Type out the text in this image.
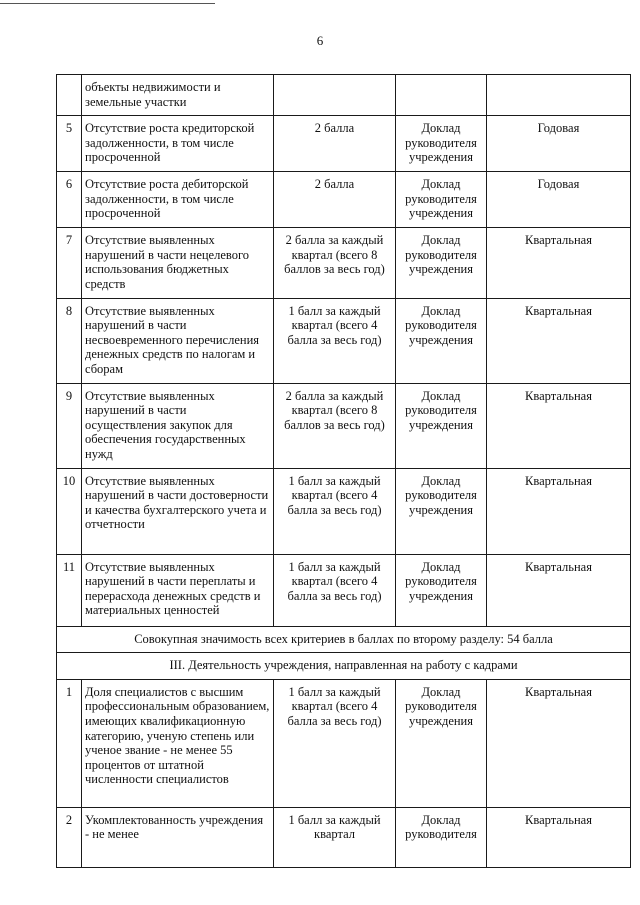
6
	объекты недвижимости и земельные участки			
5	Отсутствие роста кредиторской задолженности, в том числе просроченной	2 балла	Доклад руководителя учреждения	Годовая
6	Отсутствие роста дебиторской задолженности, в том числе просроченной	2 балла	Доклад руководителя учреждения	Годовая
7	Отсутствие выявленных нарушений в части нецелевого использования бюджетных средств	2 балла за каждый квартал (всего 8 баллов за весь год)	Доклад руководителя учреждения	Квартальная
8	Отсутствие выявленных нарушений в части несвоевременного перечисления денежных средств по налогам и сборам	1 балл за каждый квартал (всего 4 балла за весь год)	Доклад руководителя учреждения	Квартальная
9	Отсутствие выявленных нарушений в части осуществления закупок для обеспечения государственных нужд	2 балла за каждый квартал (всего 8 баллов за весь год)	Доклад руководителя учреждения	Квартальная
10	Отсутствие выявленных нарушений в части достоверности и качества бухгалтерского учета и отчетности	1 балл за каждый квартал (всего 4 балла за весь год)	Доклад руководителя учреждения	Квартальная
11	Отсутствие выявленных нарушений в части переплаты и перерасхода денежных средств и материальных ценностей	1 балл за каждый квартал (всего 4 балла за весь год)	Доклад руководителя учреждения	Квартальная
Совокупная значимость всех критериев в баллах по второму разделу: 54 балла				
III. Деятельность учреждения, направленная на работу с кадрами				
1	Доля специалистов с высшим профессиональным образованием, имеющих квалификационную категорию, ученую степень или ученое звание - не менее 55 процентов от штатной численности специалистов	1 балл за каждый квартал (всего 4 балла за весь год)	Доклад руководителя учреждения	Квартальная
2	Укомплектованность учреждения - не менее	1 балл за каждый квартал	Доклад руководителя	Квартальная
